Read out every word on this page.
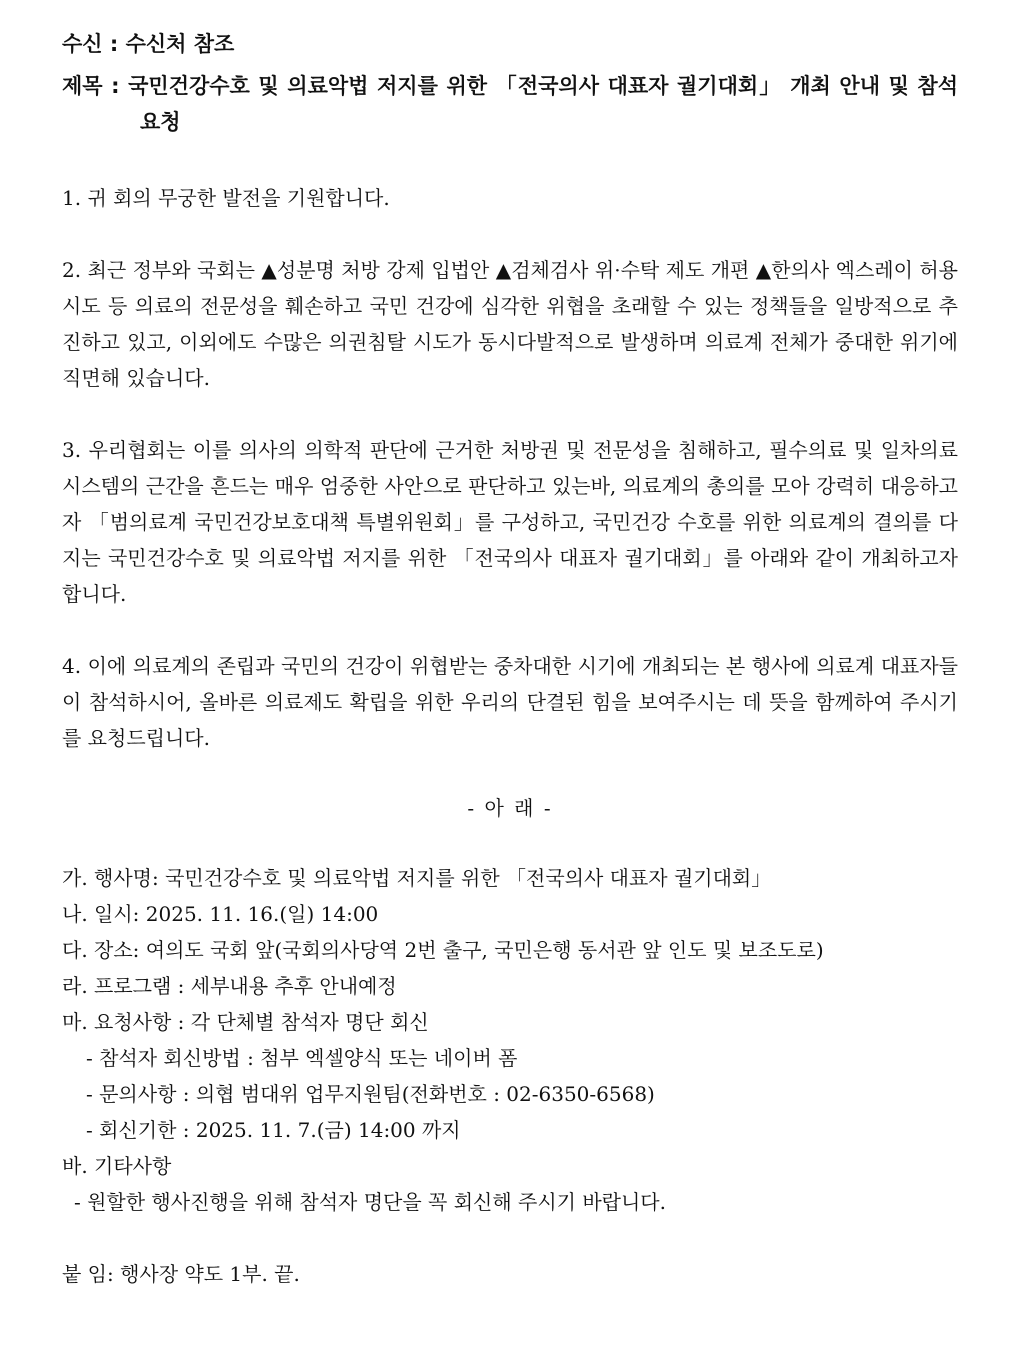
수신 : 수신처 참조
제목 : 국민건강수호 및 의료악법 저지를 위한 「전국의사 대표자 궐기대회」 개최 안내 및 참석 요청

1. 귀 회의 무궁한 발전을 기원합니다.

2. 최근 정부와 국회는 ▲성분명 처방 강제 입법안 ▲검체검사 위·수탁 제도 개편 ▲한의사 엑스레이 허용 시도 등 의료의 전문성을 훼손하고 국민 건강에 심각한 위협을 초래할 수 있는 정책들을 일방적으로 추진하고 있고, 이외에도 수많은 의권침탈 시도가 동시다발적으로 발생하며 의료계 전체가 중대한 위기에 직면해 있습니다.

3. 우리협회는 이를 의사의 의학적 판단에 근거한 처방권 및 전문성을 침해하고, 필수의료 및 일차의료 시스템의 근간을 흔드는 매우 엄중한 사안으로 판단하고 있는바, 의료계의 총의를 모아 강력히 대응하고자 「범의료계 국민건강보호대책 특별위원회」를 구성하고, 국민건강 수호를 위한 의료계의 결의를 다지는 국민건강수호 및 의료악법 저지를 위한 「전국의사 대표자 궐기대회」를 아래와 같이 개최하고자 합니다.

4. 이에 의료계의 존립과 국민의 건강이 위협받는 중차대한 시기에 개최되는 본 행사에 의료계 대표자들이 참석하시어, 올바른 의료제도 확립을 위한 우리의 단결된 힘을 보여주시는 데 뜻을 함께하여 주시기를 요청드립니다.

- 아 래 -
가. 행사명: 국민건강수호 및 의료악법 저지를 위한 「전국의사 대표자 궐기대회」
나. 일시: 2025. 11. 16.(일) 14:00
다. 장소: 여의도 국회 앞(국회의사당역 2번 출구, 국민은행 동서관 앞 인도 및 보조도로)
라. 프로그램 : 세부내용 추후 안내예정
마. 요청사항 : 각 단체별 참석자 명단 회신
- 참석자 회신방법 : 첨부 엑셀양식 또는 네이버 폼
- 문의사항 : 의협 범대위 업무지원팀(전화번호 : 02-6350-6568)
- 회신기한 : 2025. 11. 7.(금) 14:00 까지
바. 기타사항
- 원할한 행사진행을 위해 참석자 명단을 꼭 회신해 주시기 바랍니다.
붙 임: 행사장 약도 1부. 끝.
